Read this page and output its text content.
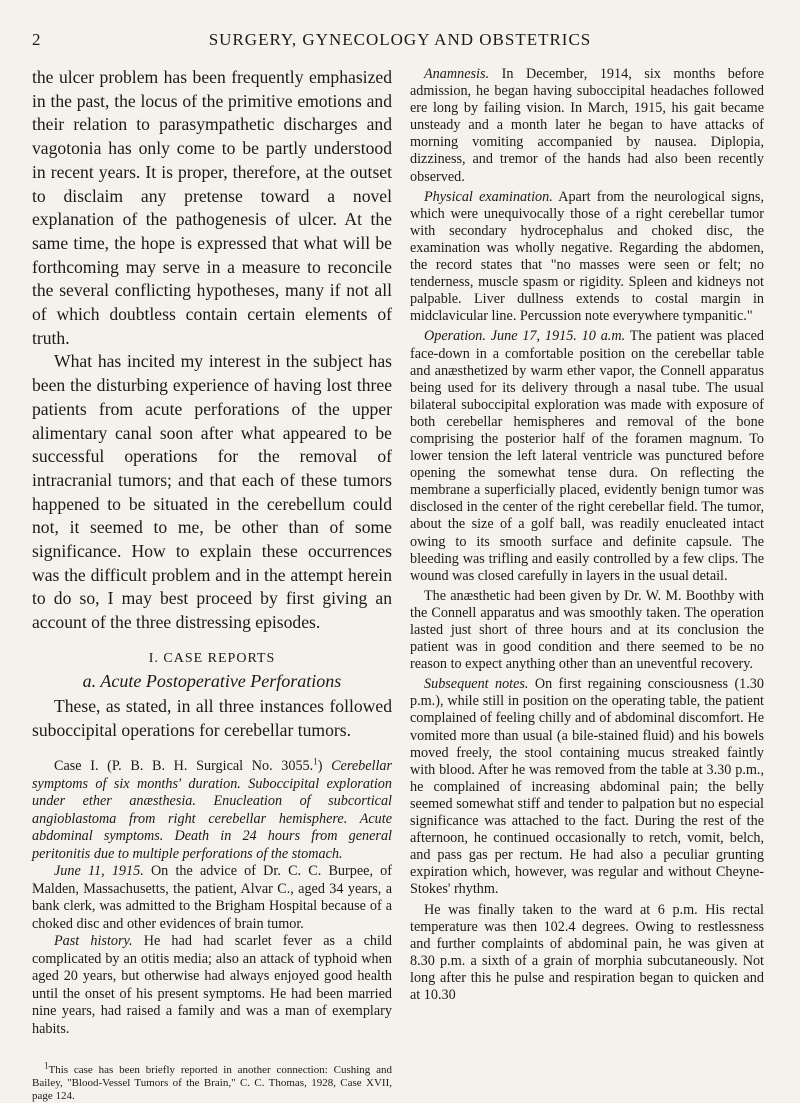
2	SURGERY, GYNECOLOGY AND OBSTETRICS

the ulcer problem has been frequently emphasized in the past, the locus of the primitive emotions and their relation to parasympathetic discharges and vagotonia has only come to be partly understood in recent years. It is proper, therefore, at the outset to disclaim any pretense toward a novel explanation of the pathogenesis of ulcer. At the same time, the hope is expressed that what will be forthcoming may serve in a measure to reconcile the several conflicting hypotheses, many if not all of which doubtless contain certain elements of truth.

What has incited my interest in the subject has been the disturbing experience of having lost three patients from acute perforations of the upper alimentary canal soon after what appeared to be successful operations for the removal of intracranial tumors; and that each of these tumors happened to be situated in the cerebellum could not, it seemed to me, be other than of some significance. How to explain these occurrences was the difficult problem and in the attempt herein to do so, I may best proceed by first giving an account of the three distressing episodes.

I. CASE REPORTS
a. Acute Postoperative Perforations

These, as stated, in all three instances followed suboccipital operations for cerebellar tumors.

Case I. (P. B. B. H. Surgical No. 3055.$^1$) Cerebellar symptoms of six months' duration. Suboccipital exploration under ether anæsthesia. Enucleation of subcortical angioblastoma from right cerebellar hemisphere. Acute abdominal symptoms. Death in 24 hours from general peritonitis due to multiple perforations of the stomach.

June 11, 1915. On the advice of Dr. C. C. Burpee, of Malden, Massachusetts, the patient, Alvar C., aged 34 years, a bank clerk, was admitted to the Brigham Hospital because of a choked disc and other evidences of brain tumor.

Past history. He had had scarlet fever as a child complicated by an otitis media; also an attack of typhoid when aged 20 years, but otherwise had always enjoyed good health until the onset of his present symptoms. He had been married nine years, had raised a family and was a man of exemplary habits.

$^1$This case has been briefly reported in another connection: Cushing and Bailey, "Blood-Vessel Tumors of the Brain," C. C. Thomas, 1928, Case XVII, page 124.

Anamnesis. In December, 1914, six months before admission, he began having suboccipital headaches followed ere long by failing vision. In March, 1915, his gait became unsteady and a month later he began to have attacks of morning vomiting accompanied by nausea. Diplopia, dizziness, and tremor of the hands had also been recently observed.

Physical examination. Apart from the neurological signs, which were unequivocally those of a right cerebellar tumor with secondary hydrocephalus and choked disc, the examination was wholly negative. Regarding the abdomen, the record states that "no masses were seen or felt; no tenderness, muscle spasm or rigidity. Spleen and kidneys not palpable. Liver dullness extends to costal margin in midclavicular line. Percussion note everywhere tympanitic."

Operation. June 17, 1915. 10 a.m. The patient was placed face-down in a comfortable position on the cerebellar table and anæsthetized by warm ether vapor, the Connell apparatus being used for its delivery through a nasal tube. The usual bilateral suboccipital exploration was made with exposure of both cerebellar hemispheres and removal of the bone comprising the posterior half of the foramen magnum. To lower tension the left lateral ventricle was punctured before opening the somewhat tense dura. On reflecting the membrane a superficially placed, evidently benign tumor was disclosed in the center of the right cerebellar field. The tumor, about the size of a golf ball, was readily enucleated intact owing to its smooth surface and definite capsule. The bleeding was trifling and easily controlled by a few clips. The wound was closed carefully in layers in the usual detail.

The anæsthetic had been given by Dr. W. M. Boothby with the Connell apparatus and was smoothly taken. The operation lasted just short of three hours and at its conclusion the patient was in good condition and there seemed to be no reason to expect anything other than an uneventful recovery.

Subsequent notes. On first regaining consciousness (1.30 p.m.), while still in position on the operating table, the patient complained of feeling chilly and of abdominal discomfort. He vomited more than usual (a bile-stained fluid) and his bowels moved freely, the stool containing mucus streaked faintly with blood. After he was removed from the table at 3.30 p.m., he complained of increasing abdominal pain; the belly seemed somewhat stiff and tender to palpation but no especial significance was attached to the fact. During the rest of the afternoon, he continued occasionally to retch, vomit, belch, and pass gas per rectum. He had also a peculiar grunting expiration which, however, was regular and without Cheyne-Stokes' rhythm.

He was finally taken to the ward at 6 p.m. His rectal temperature was then 102.4 degrees. Owing to restlessness and further complaints of abdominal pain, he was given at 8.30 p.m. a sixth of a grain of morphia subcutaneously. Not long after this he pulse and respiration began to quicken and at 10.30
